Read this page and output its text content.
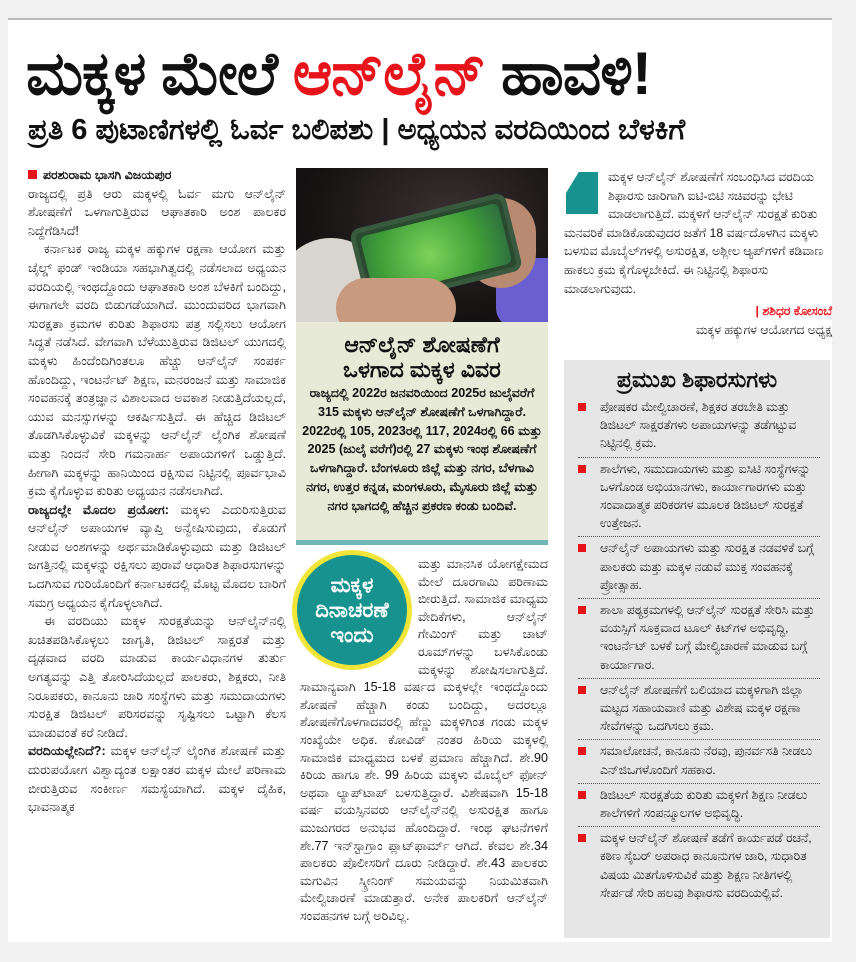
ಮಕ್ಕಳ ಮೇಲೆ ಆನ್‌ಲೈನ್ ಹಾವಳಿ!
ಪ್ರತಿ 6 ಪುಟಾಣಿಗಳಲ್ಲಿ ಓರ್ವ ಬಲಿಪಶು | ಅಧ್ಯಯನ ವರದಿಯಿಂದ ಬೆಳಕಿಗೆ
ಪರಶುರಾಮ ಭಾಸಗಿ ವಿಜಯಪುರ

ರಾಜ್ಯದಲ್ಲಿ ಪ್ರತಿ ಆರು ಮಕ್ಕಳಲ್ಲಿ ಓರ್ವ ಮಗು ಆನ್‌ಲೈನ್ ಶೋಷಣೆಗೆ ಒಳಗಾಗುತ್ತಿರುವ ಆಘಾತಕಾರಿ ಅಂಶ ಪಾಲಕರ ನಿದ್ದೆಗೆಡಿಸಿದೆ!

ಕರ್ನಾಟಕ ರಾಜ್ಯ ಮಕ್ಕಳ ಹಕ್ಕುಗಳ ರಕ್ಷಣಾ ಆಯೋಗ ಮತ್ತು ಚೈಲ್ಡ್ ಫಂಡ್ ಇಂಡಿಯಾ ಸಹಭಾಗಿತ್ವದಲ್ಲಿ ನಡೆಸಲಾದ ಅಧ್ಯಯನ ವರದಿಯಲ್ಲಿ ಇಂಥದ್ದೊಂದು ಆಘಾತಕಾರಿ ಅಂಶ ಬೆಳಕಿಗೆ ಬಂದಿದ್ದು, ಈಗಾಗಲೇ ವರದಿ ಬಿಡುಗಡೆಯಾಗಿದೆ. ಮುಂದುವರಿದ ಭಾಗವಾಗಿ ಸುರಕ್ಷತಾ ಕ್ರಮಗಳ ಕುರಿತು ಶಿಫಾರಸು ಪತ್ರ ಸಲ್ಲಿಸಲು ಆಯೋಗ ಸಿದ್ಧತೆ ನಡೆಸಿದೆ. ವೇಗವಾಗಿ ಬೆಳೆಯುತ್ತಿರುವ ಡಿಜಿಟಲ್ ಯುಗದಲ್ಲಿ ಮಕ್ಕಳು ಹಿಂದೆಂದಿಗಿಂತಲೂ ಹೆಚ್ಚು ಆನ್‌ಲೈನ್ ಸಂಪರ್ಕ ಹೊಂದಿದ್ದು, ಇಂಟರ್ನೆಟ್ ಶಿಕ್ಷಣ, ಮನರಂಜನೆ ಮತ್ತು ಸಾಮಾಜಿಕ ಸಂವಹನಕ್ಕೆ ತಂತ್ರಜ್ಞಾನ ವಿಶಾಲವಾದ ಅವಕಾಶ ನೀಡುತ್ತಿದೆಯಲ್ಲದೆ, ಯುವ ಮನಸ್ಸುಗಳನ್ನು ಆಕರ್ಷಿಸುತ್ತಿದೆ. ಈ ಹೆಚ್ಚಿದ ಡಿಜಿಟಲ್ ತೊಡಗಿಸಿಕೊಳ್ಳುವಿಕೆ ಮಕ್ಕಳನ್ನು ಆನ್‌ಲೈನ್ ಲೈಂಗಿಕ ಶೋಷಣೆ ಮತ್ತು ನಿಂದನೆ ಸೇರಿ ಗಮನಾರ್ಹ ಅಪಾಯಗಳಿಗೆ ಒಡ್ಡುತ್ತಿದೆ. ಹೀಗಾಗಿ ಮಕ್ಕಳನ್ನು ಹಾನಿಯಿಂದ ರಕ್ಷಿಸುವ ನಿಟ್ಟಿನಲ್ಲಿ ಪೂರ್ವಭಾವಿ ಕ್ರಮ ಕೈಗೊಳ್ಳುವ ಕುರಿತು ಅಧ್ಯಯನ ನಡೆಸಲಾಗಿದೆ.

ರಾಜ್ಯದಲ್ಲೇ ಮೊದಲ ಪ್ರಯೋಗ: ಮಕ್ಕಳು ಎದುರಿಸುತ್ತಿರುವ ಆನ್‌ಲೈನ್ ಅಪಾಯಗಳ ವ್ಯಾಪ್ತಿ ಅನ್ವೇಷಿಸುವುದು, ಕೊಡುಗೆ ನೀಡುವ ಅಂಶಗಳನ್ನು ಅರ್ಥಮಾಡಿಕೊಳ್ಳುವುದು ಮತ್ತು ಡಿಜಿಟಲ್ ಜಗತ್ತಿನಲ್ಲಿ ಮಕ್ಕಳನ್ನು ರಕ್ಷಿಸಲು ಪುರಾವೆ ಆಧಾರಿತ ಶಿಫಾರಸುಗಳನ್ನು ಒದಗಿಸುವ ಗುರಿಯೊಂದಿಗೆ ಕರ್ನಾಟಕದಲ್ಲಿ ಮೊಟ್ಟ ಮೊದಲ ಬಾರಿಗೆ ಸಮಗ್ರ ಅಧ್ಯಯನ ಕೈಗೊಳ್ಳಲಾಗಿದೆ.

ಈ ವರದಿಯು ಮಕ್ಕಳ ಸುರಕ್ಷತೆಯನ್ನು ಆನ್‌ಲೈನ್‌ನಲ್ಲಿ ಖಚಿತಪಡಿಸಿಕೊಳ್ಳಲು ಜಾಗೃತಿ, ಡಿಜಿಟಲ್ ಸಾಕ್ಷರತೆ ಮತ್ತು ದೃಢವಾದ ವರದಿ ಮಾಡುವ ಕಾರ್ಯವಿಧಾನಗಳ ತುರ್ತು ಅಗತ್ಯವನ್ನು ಎತ್ತಿ ತೋರಿಸಿದೆಯಲ್ಲದೆ ಪಾಲಕರು, ಶಿಕ್ಷಕರು, ನೀತಿ ನಿರೂಪಕರು, ಕಾನೂನು ಜಾರಿ ಸಂಸ್ಥೆಗಳು ಮತ್ತು ಸಮುದಾಯಗಳು ಸುರಕ್ಷಿತ ಡಿಜಿಟಲ್ ಪರಿಸರವನ್ನು ಸೃಷ್ಟಿಸಲು ಒಟ್ಟಾಗಿ ಕೆಲಸ ಮಾಡುವಂತೆ ಕರೆ ನೀಡಿದೆ.

ವರದಿಯಲ್ಲೇನಿದೆ?: ಮಕ್ಕಳ ಆನ್‌ಲೈನ್ ಲೈಂಗಿಕ ಶೋಷಣೆ ಮತ್ತು ದುರುಪಯೋಗ ವಿಶ್ವಾದ್ಯಂತ ಲಕ್ಷಾಂತರ ಮಕ್ಕಳ ಮೇಲೆ ಪರಿಣಾಮ ಬೀರುತ್ತಿರುವ ಸಂಕೀರ್ಣ ಸಮಸ್ಯೆಯಾಗಿದೆ. ಮಕ್ಕಳ ದೈಹಿಕ, ಭಾವನಾತ್ಮಕ

ಆನ್‌ಲೈನ್ ಶೋಷಣೆಗೆ
ಒಳಗಾದ ಮಕ್ಕಳ ವಿವರ
ರಾಜ್ಯದಲ್ಲಿ 2022ರ ಜನವರಿಯಿಂದ 2025ರ ಜುಲೈವರೆಗೆ 315 ಮಕ್ಕಳು ಆನ್‌ಲೈನ್ ಶೋಷಣೆಗೆ ಒಳಗಾಗಿದ್ದಾರೆ. 2022ರಲ್ಲಿ 105, 2023ರಲ್ಲಿ 117, 2024ರಲ್ಲಿ 66 ಮತ್ತು 2025 (ಜುಲೈ ವರೆಗೆ)ರಲ್ಲಿ 27 ಮಕ್ಕಳು ಇಂಥ ಶೋಷಣೆಗೆ ಒಳಗಾಗಿದ್ದಾರೆ. ಬೆಂಗಳೂರು ಜಿಲ್ಲೆ ಮತ್ತು ನಗರ, ಬೆಳಗಾವಿ ನಗರ, ಉತ್ತರ ಕನ್ನಡ, ಮಂಗಳೂರು, ಮೈಸೂರು ಜಿಲ್ಲೆ ಮತ್ತು ನಗರ ಭಾಗದಲ್ಲಿ ಹೆಚ್ಚಿನ ಪ್ರಕರಣ ಕಂಡು ಬಂದಿವೆ.
ಮಕ್ಕಳ
ದಿನಾಚರಣೆ
ಇಂದು
ಮತ್ತು ಮಾನಸಿಕ ಯೋಗಕ್ಷೇಮದ ಮೇಲೆ ದೂರಗಾಮಿ ಪರಿಣಾಮ ಬೀರುತ್ತಿದೆ. ಸಾಮಾಜಿಕ ಮಾಧ್ಯಮ ವೇದಿಕೆಗಳು, ಆನ್‌ಲೈನ್ ಗೇಮಿಂಗ್ ಮತ್ತು ಚಾಟ್ ರೂಮ್‌ಗಳನ್ನು ಬಳಸಿಕೊಂಡು ಮಕ್ಕಳನ್ನು ಶೋಷಿಸಲಾಗುತ್ತಿದೆ. ಸಾಮಾನ್ಯವಾಗಿ 15-18 ವರ್ಷದ ಮಕ್ಕಳಲ್ಲೇ ಇಂಥದ್ದೊಂದು ಶೋಷಣೆ ಹೆಚ್ಚಾಗಿ ಕಂಡು ಬಂದಿದ್ದು, ಅದರಲ್ಲೂ ಶೋಷಣೆಗೊಳಗಾದವರಲ್ಲಿ ಹೆಣ್ಣು ಮಕ್ಕಳಿಗಿಂತ ಗಂಡು ಮಕ್ಕಳ ಸಂಖ್ಯೆಯೇ ಅಧಿಕ. ಕೋವಿಡ್ ನಂತರ ಹಿರಿಯ ಮಕ್ಕಳಲ್ಲಿ ಸಾಮಾಜಿಕ ಮಾಧ್ಯಮದ ಬಳಕೆ ಪ್ರಮಾಣ ಹೆಚ್ಚಾಗಿದೆ. ಶೇ.90 ಕಿರಿಯ ಹಾಗೂ ಶೇ. 99 ಹಿರಿಯ ಮಕ್ಕಳು ಮೊಬೈಲ್ ಫೋನ್ ಅಥವಾ ಲ್ಯಾಪ್‌ಟಾಪ್ ಬಳಸುತ್ತಿದ್ದಾರೆ. ವಿಶೇಷವಾಗಿ 15-18 ವರ್ಷ ವಯಸ್ಸಿನವರು ಆನ್‌ಲೈನ್‌ನಲ್ಲಿ ಅಸುರಕ್ಷಿತ ಹಾಗೂ ಮುಜುಗರದ ಅನುಭವ ಹೊಂದಿದ್ದಾರೆ. ಇಂಥ ಘಟನೆಗಳಿಗೆ ಶೇ.77 ಇನ್‌ಸ್ಟಾಗ್ರಾಂ ಪ್ಲಾಟ್‌ಫಾರ್ಮ್ ಆಗಿದೆ. ಕೇವಲ ಶೇ.34 ಪಾಲಕರು ಪೊಲೀಸರಿಗೆ ದೂರು ನೀಡಿದ್ದಾರೆ. ಶೇ.43 ಪಾಲಕರು ಮಗುವಿನ ಸ್ಕ್ರೀನಿಂಗ್ ಸಮಯವನ್ನು ನಿಯಮಿತವಾಗಿ ಮೇಲ್ವಿಚಾರಣೆ ಮಾಡುತ್ತಾರೆ. ಅನೇಕ ಪಾಲಕರಿಗೆ ಆನ್‌ಲೈನ್ ಸಂವಹನಗಳ ಬಗ್ಗೆ ಅರಿವಿಲ್ಲ.
ಮಕ್ಕಳ ಆನ್‌ಲೈನ್ ಶೋಷಣೆಗೆ ಸಂಬಂಧಿಸಿದ ವರದಿಯ ಶಿಫಾರಸು ಜಾರಿಗಾಗಿ ಐಟಿ-ಬಿಟಿ ಸಚಿವರನ್ನು ಭೇಟಿ ಮಾಡಲಾಗುತ್ತಿದೆ. ಮಕ್ಕಳಿಗೆ ಆನ್‌ಲೈನ್ ಸುರಕ್ಷತೆ ಕುರಿತು ಮನವರಿಕೆ ಮಾಡಿಕೊಡುವುದರ ಜತೆಗೆ 18 ವರ್ಷದೊಳಗಿನ ಮಕ್ಕಳು ಬಳಸುವ ಮೊಬೈಲ್‌ಗಳಲ್ಲಿ ಅಸುರಕ್ಷಿತ, ಅಶ್ಲೀಲ ಆ್ಯಪ್‌ಗಳಿಗೆ ಕಡಿವಾಣ ಹಾಕಲು ಕ್ರಮ ಕೈಗೊಳ್ಳಬೇಕಿದೆ. ಈ ನಿಟ್ಟಿನಲ್ಲಿ ಶಿಫಾರಸು ಮಾಡಲಾಗುವುದು.
| ಶಶಿಧರ ಕೋಸಂಬೆ
ಮಕ್ಕಳ ಹಕ್ಕುಗಳ ಆಯೋಗದ ಅಧ್ಯಕ್ಷ
ಪ್ರಮುಖ ಶಿಫಾರಸುಗಳು
ಪೋಷಕರ ಮೇಲ್ವಿಚಾರಣೆ, ಶಿಕ್ಷಕರ ತರಬೇತಿ ಮತ್ತು ಡಿಜಿಟಲ್ ಸಾಕ್ಷರತೆಗಳು ಅಪಾಯಗಳನ್ನು ತಡೆಗಟ್ಟುವ ನಿಟ್ಟಿನಲ್ಲಿ ಕ್ರಮ.
ಶಾಲೆಗಳು, ಸಮುದಾಯಗಳು ಮತ್ತು ಐಸಿಟಿ ಸಂಸ್ಥೆಗಳನ್ನು ಒಳಗೊಂಡ ಅಭಿಯಾನಗಳು, ಕಾರ್ಯಾಗಾರಗಳು ಮತ್ತು ಸಂವಾದಾತ್ಮಕ ಪರಿಕರಗಳ ಮೂಲಕ ಡಿಜಿಟಲ್ ಸುರಕ್ಷತೆ ಉತ್ತೇಜನ.
ಆನ್‌ಲೈನ್ ಅಪಾಯಗಳು ಮತ್ತು ಸುರಕ್ಷಿತ ನಡವಳಿಕೆ ಬಗ್ಗೆ ಪಾಲಕರು ಮತ್ತು ಮಕ್ಕಳ ನಡುವೆ ಮುಕ್ತ ಸಂವಹನಕ್ಕೆ ಪ್ರೋತ್ಸಾಹ.
ಶಾಲಾ ಪಠ್ಯಕ್ರಮಗಳಲ್ಲಿ ಆನ್‌ಲೈನ್ ಸುರಕ್ಷತೆ ಸೇರಿಸಿ ಮತ್ತು ವಯಸ್ಸಿಗೆ ಸೂಕ್ತವಾದ ಟೂಲ್ ಕಿಟ್‌ಗಳ ಅಭಿವೃದ್ಧಿ, ಇಂಟರ್ನೆಟ್ ಬಳಕೆ ಬಗ್ಗೆ ಮೇಲ್ವಿಚಾರಣೆ ಮಾಡುವ ಬಗ್ಗೆ ಕಾರ್ಯಾಗಾರ.
ಆನ್‌ಲೈನ್ ಶೋಷಣೆಗೆ ಬಲಿಯಾದ ಮಕ್ಕಳಿಗಾಗಿ ಜಿಲ್ಲಾ ಮಟ್ಟದ ಸಹಾಯವಾಣಿ ಮತ್ತು ವಿಶೇಷ ಮಕ್ಕಳ ರಕ್ಷಣಾ ಸೇವೆಗಳನ್ನು ಒದಗಿಸಲು ಕ್ರಮ.
ಸಮಾಲೋಚನೆ, ಕಾನೂನು ನೆರವು, ಪುನರ್ವಸತಿ ನೀಡಲು ಎನ್‌ಜಿಒಗಳೊಂದಿಗೆ ಸಹಕಾರ.
ಡಿಜಿಟಲ್ ಸುರಕ್ಷತೆಯ ಕುರಿತು ಮಕ್ಕಳಿಗೆ ಶಿಕ್ಷಣ ನೀಡಲು ಶಾಲೆಗಳಿಗೆ ಸಂಪನ್ಮೂಲಗಳ ಅಭಿವೃದ್ಧಿ.
ಮಕ್ಕಳ ಆನ್‌ಲೈನ್ ಶೋಷಣೆ ತಡೆಗೆ ಕಾರ್ಯಪಡೆ ರಚನೆ, ಕಠಿಣ ಸೈಬರ್ ಅಪರಾಧ ಕಾನೂನುಗಳ ಜಾರಿ, ಸುಧಾರಿತ ವಿಷಯ ಮಿತಗೊಳಿಸುವಿಕೆ ಮತ್ತು ಶಿಕ್ಷಣ ನೀತಿಗಳಲ್ಲಿ ಸೇರ್ಪಡೆ ಸೇರಿ ಹಲವು ಶಿಫಾರಸು ವರದಿಯಲ್ಲಿವೆ.
